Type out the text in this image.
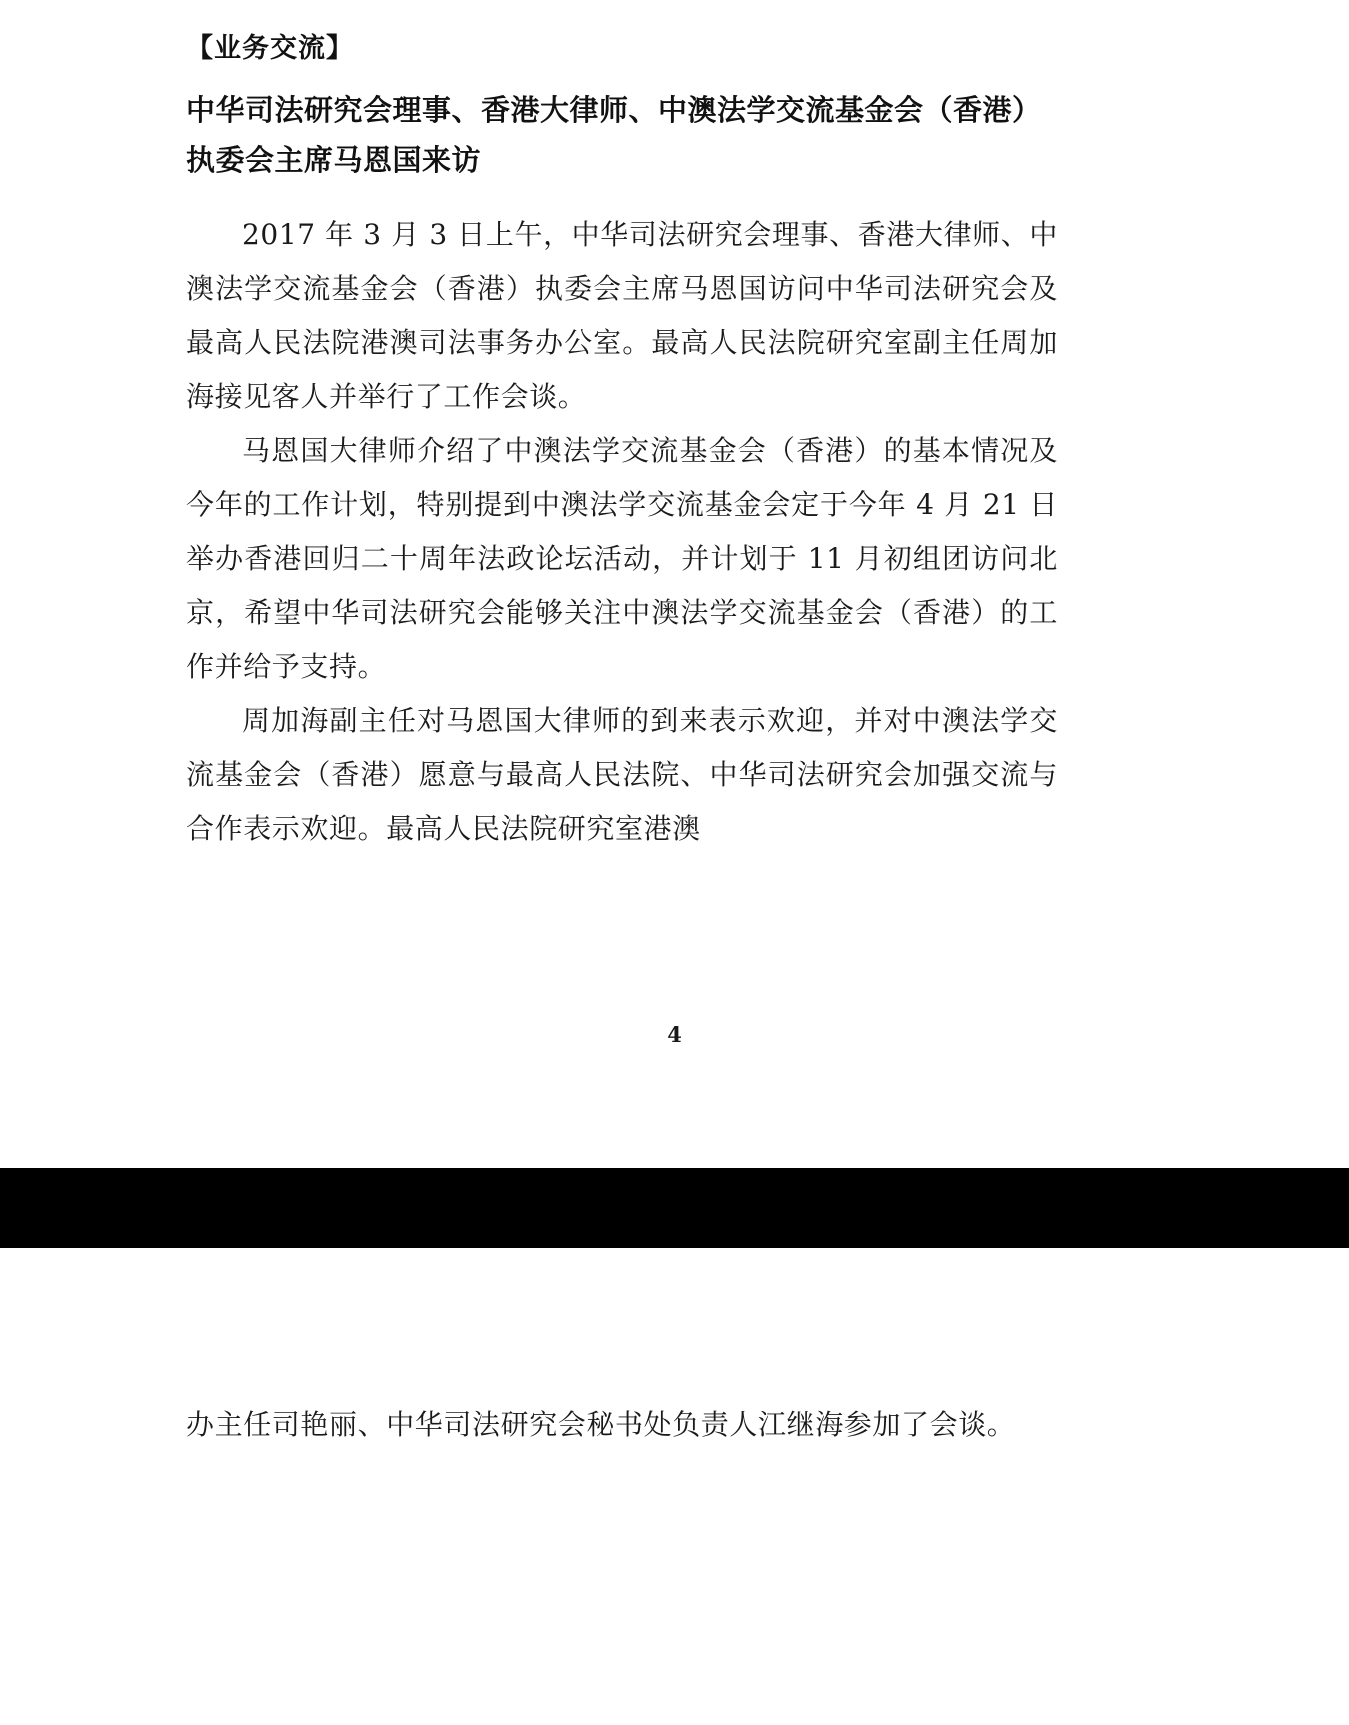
【业务交流】
中华司法研究会理事、香港大律师、中澳法学交流基金会（香港）执委会主席马恩国来访

2017 年 3 月 3 日上午，中华司法研究会理事、香港大律师、中澳法学交流基金会（香港）执委会主席马恩国访问中华司法研究会及最高人民法院港澳司法事务办公室。最高人民法院研究室副主任周加海接见客人并举行了工作会谈。

马恩国大律师介绍了中澳法学交流基金会（香港）的基本情况及今年的工作计划，特别提到中澳法学交流基金会定于今年 4 月 21 日举办香港回归二十周年法政论坛活动，并计划于 11 月初组团访问北京，希望中华司法研究会能够关注中澳法学交流基金会（香港）的工作并给予支持。

周加海副主任对马恩国大律师的到来表示欢迎，并对中澳法学交流基金会（香港）愿意与最高人民法院、中华司法研究会加强交流与合作表示欢迎。最高人民法院研究室港澳

4

办主任司艳丽、中华司法研究会秘书处负责人江继海参加了会谈。
